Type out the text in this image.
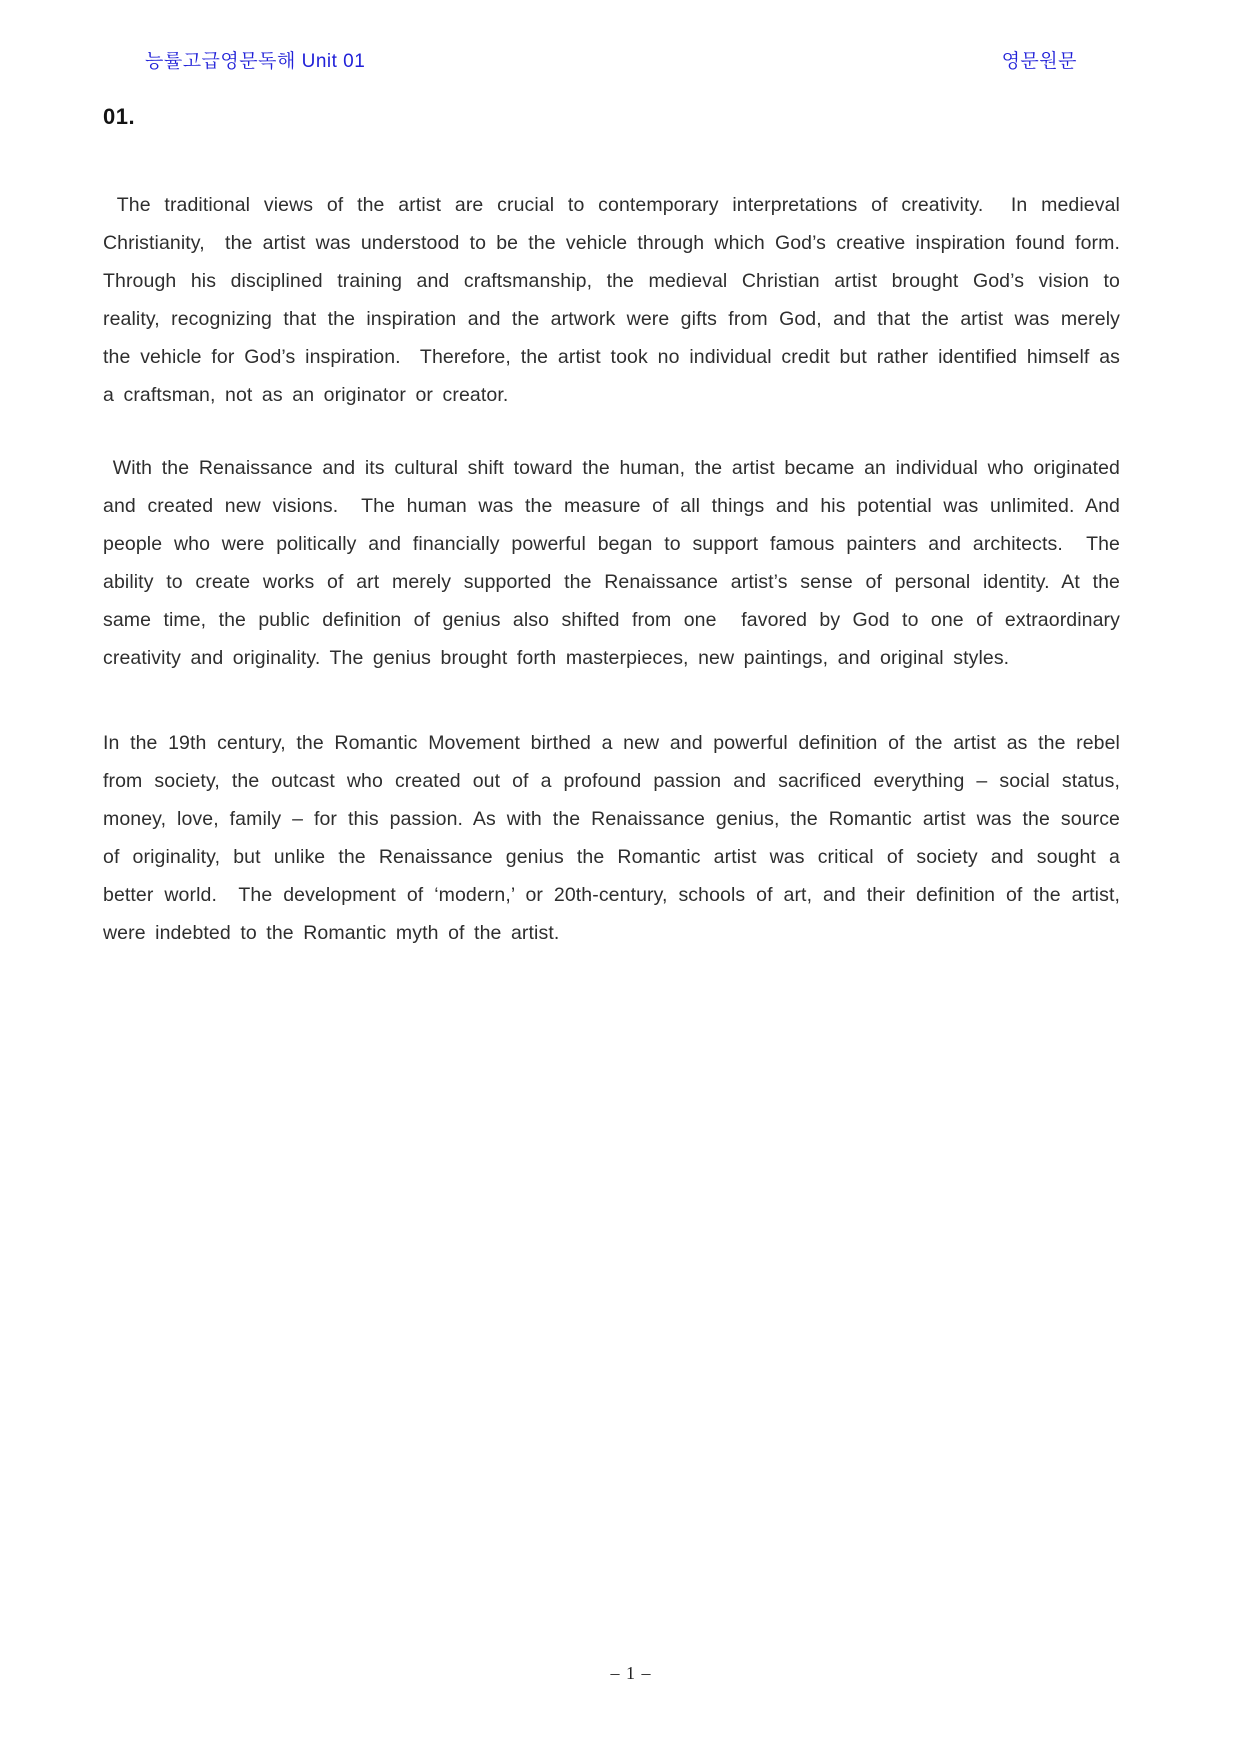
능률고급영문독해 Unit 01	영문원문
01.

The traditional views of the artist are crucial to contemporary interpretations of creativity.  In medieval Christianity,  the artist was understood to be the vehicle through which God’s creative inspiration found form.   Through his disciplined training and craftsmanship, the medieval Christian artist brought God’s vision to reality, recognizing that the inspiration and the artwork were gifts from God, and that the artist was merely the vehicle for God’s inspiration.  Therefore, the artist took no individual credit but rather identified himself as a craftsman, not as an originator or creator.

With the Renaissance and its cultural shift toward the human, the artist became an individual who originated and created new visions.  The human was the measure of all things and his potential was unlimited. And people who were politically and financially powerful began to support famous painters and architects.  The ability to create works of art merely supported the Renaissance artist’s sense of personal identity. At the same time, the public definition of genius also shifted from one  favored by God to one of extraordinary creativity and originality. The genius brought forth masterpieces, new paintings, and original styles.

In the 19th century, the Romantic Movement birthed a new and powerful definition of the artist as the rebel from society, the outcast who created out of a profound passion and sacrificed everything – social status, money, love, family – for this passion. As with the Renaissance genius, the Romantic artist was the source of originality, but unlike the Renaissance genius the Romantic artist was critical of society and sought a better world.  The development of ‘modern,’ or 20th-century, schools of art, and their definition of the artist, were indebted to the Romantic myth of the artist.

– 1 –
